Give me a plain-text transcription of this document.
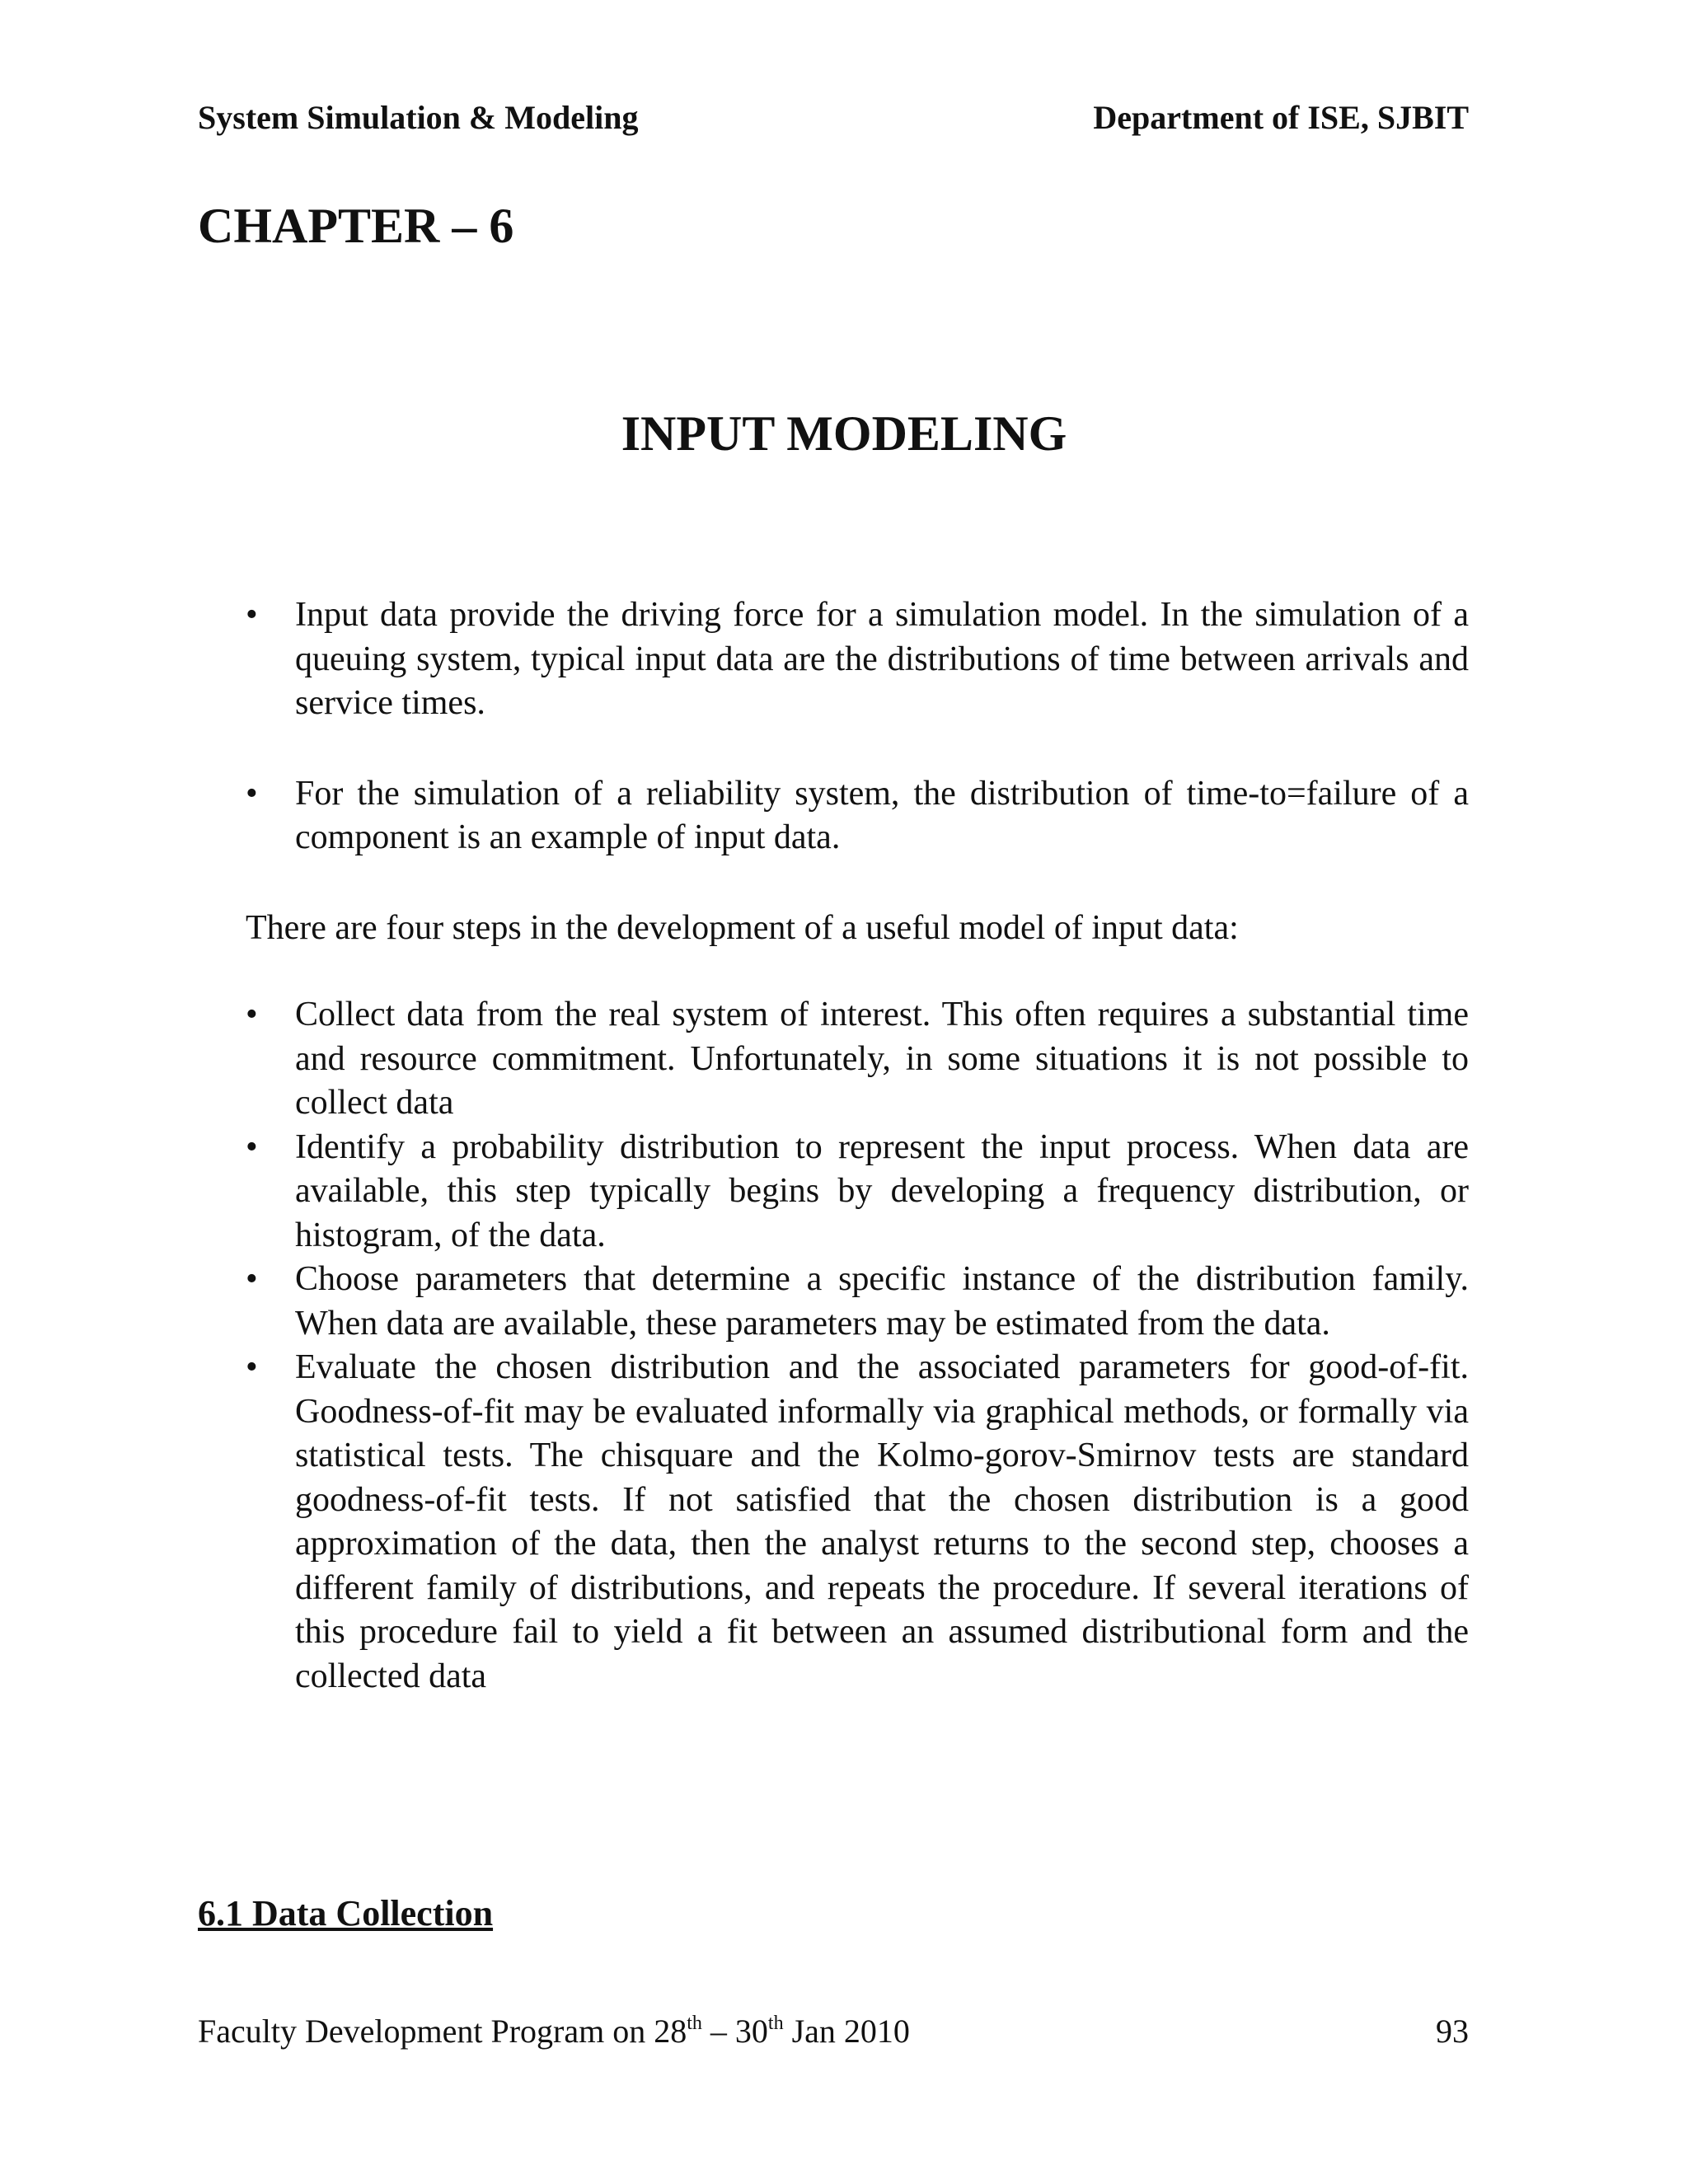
System Simulation & Modeling	Department of ISE, SJBIT
CHAPTER – 6
INPUT MODELING
•	Input data provide the driving force for a simulation model. In the simulation of a queuing system, typical input data are the distributions of time between arrivals and service times.
•	For the simulation of a reliability system, the distribution of time-to=failure of a component is an example of input data.

There are four steps in the development of a useful model of input data:

•	Collect data from the real system of interest. This often requires a substantial time and resource commitment. Unfortunately, in some situations it is not possible to collect data
•	Identify a probability distribution to represent the input process. When data are available, this step typically begins by developing a frequency distribution, or histogram, of the data.
•	Choose parameters that determine a specific instance of the distribution family. When data are available, these parameters may be estimated from the data.
•	Evaluate the chosen distribution and the associated parameters for good-of-fit. Goodness-of-fit may be evaluated informally via graphical methods, or formally via statistical tests. The chisquare and the Kolmo-gorov-Smirnov tests are standard goodness-of-fit tests. If not satisfied that the chosen distribution is a good approximation of the data, then the analyst returns to the second step, chooses a different family of distributions, and repeats the procedure. If several iterations of this procedure fail to yield a fit between an assumed distributional form and the collected data
6.1 Data Collection
Faculty Development Program on 28th – 30th Jan 2010	93
